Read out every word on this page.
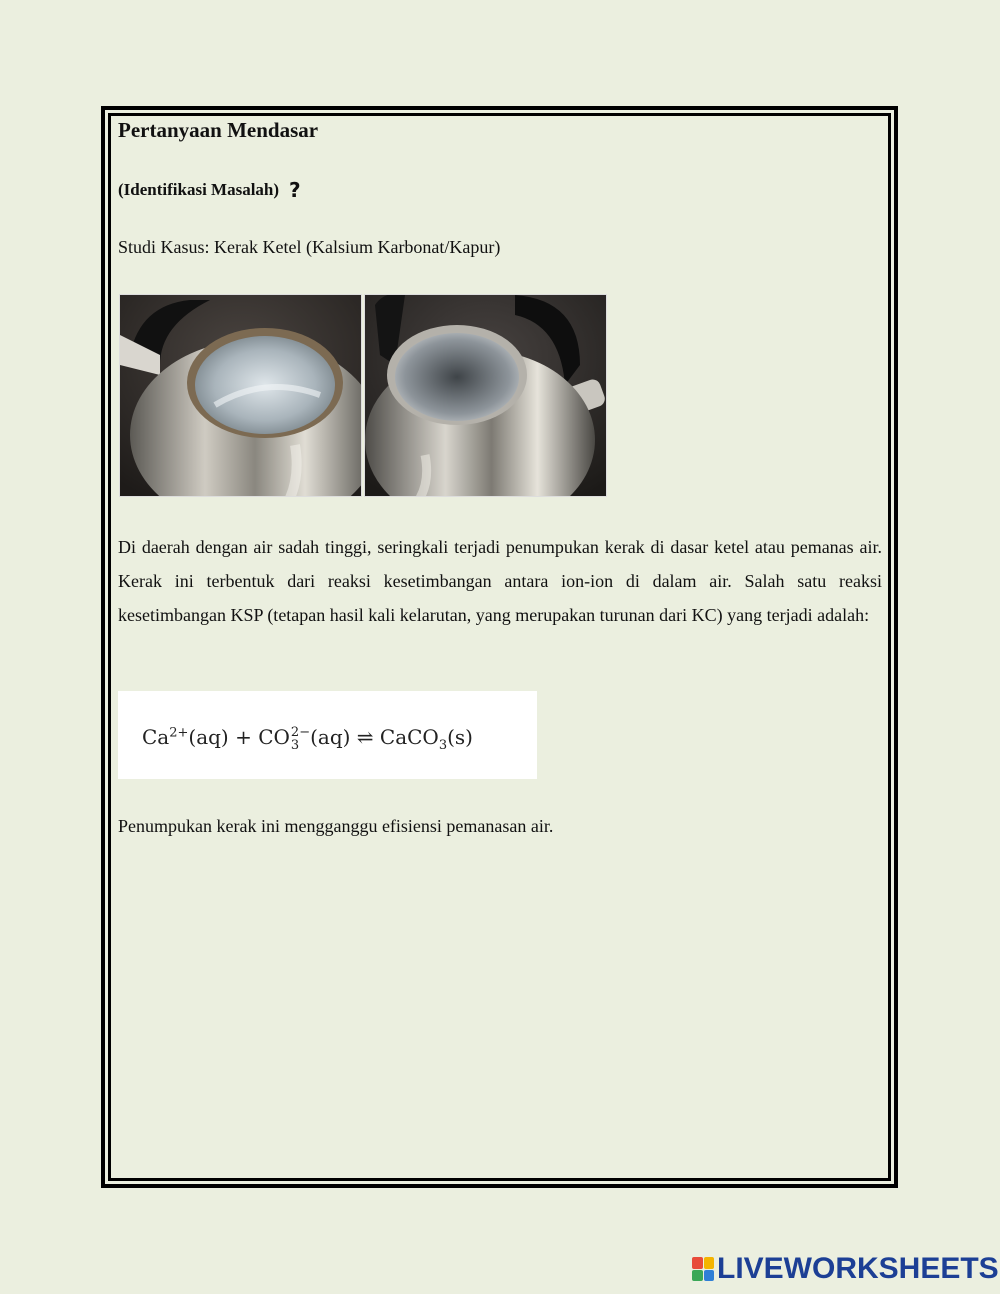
Pertanyaan Mendasar
(Identifikasi Masalah) ?
Studi Kasus: Kerak Ketel (Kalsium Karbonat/Kapur)

Di daerah dengan air sadah tinggi, seringkali terjadi penumpukan kerak di dasar ketel atau pemanas air. Kerak ini terbentuk dari reaksi kesetimbangan antara ion-ion di dalam air. Salah satu reaksi kesetimbangan KSP (tetapan hasil kali kelarutan, yang merupakan turunan dari KC) yang terjadi adalah:

$Ca^{2+}(aq)$ + CO 2−
3 (aq) ⇌ CaCO$_3$(s)
Penumpukan kerak ini mengganggu efisiensi pemanasan air.
LIVEWORKSHEETS
